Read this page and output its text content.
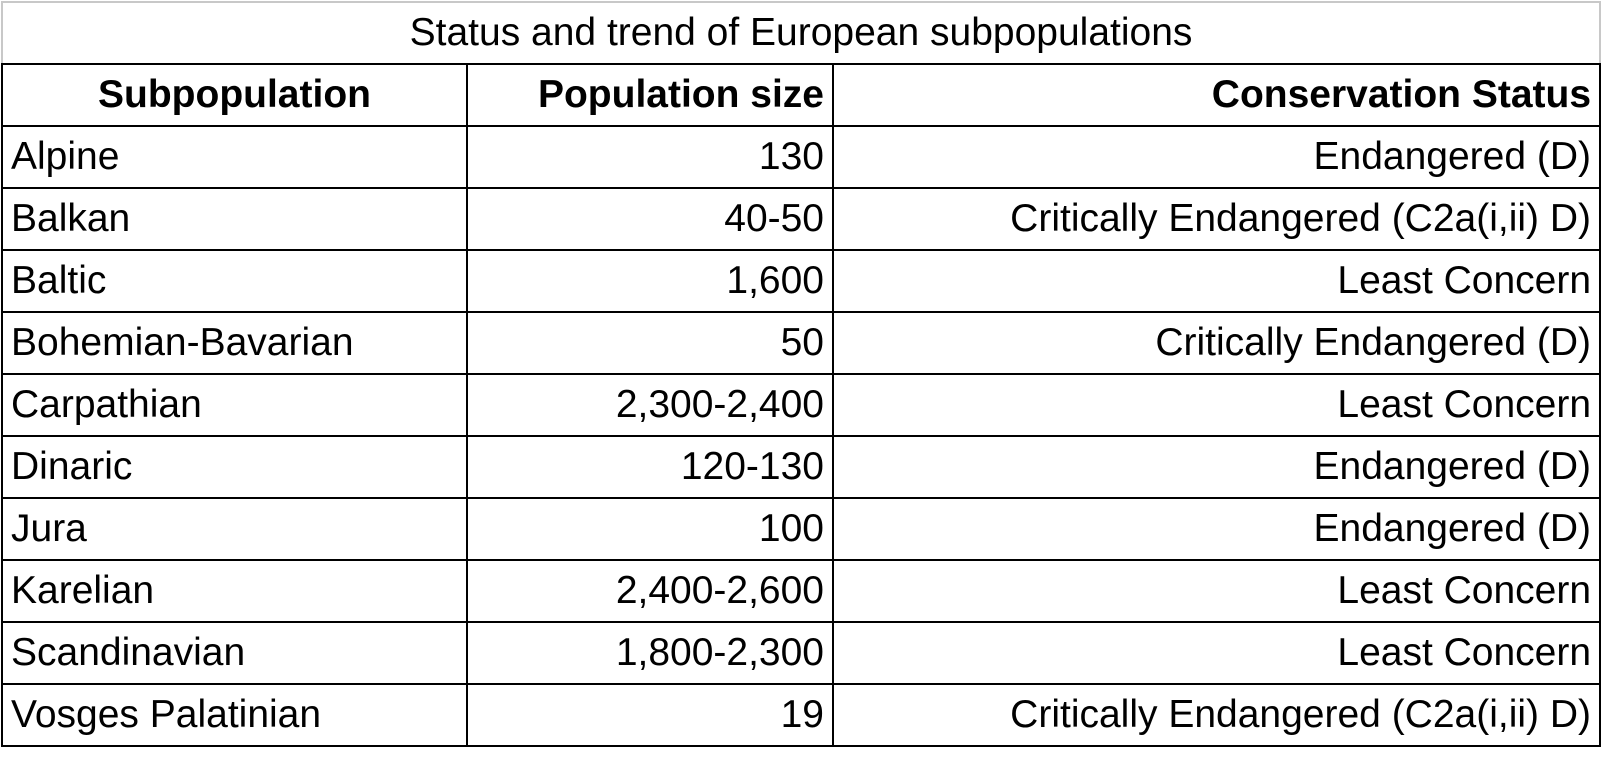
Status and trend of European subpopulations		
Subpopulation	Population size	Conservation Status
Alpine	130	Endangered (D)
Balkan	40-50	Critically Endangered (C2a(i,ii) D)
Baltic	1,600	Least Concern
Bohemian-Bavarian	50	Critically Endangered (D)
Carpathian	2,300-2,400	Least Concern
Dinaric	120-130	Endangered (D)
Jura	100	Endangered (D)
Karelian	2,400-2,600	Least Concern
Scandinavian	1,800-2,300	Least Concern
Vosges Palatinian	19	Critically Endangered (C2a(i,ii) D)
